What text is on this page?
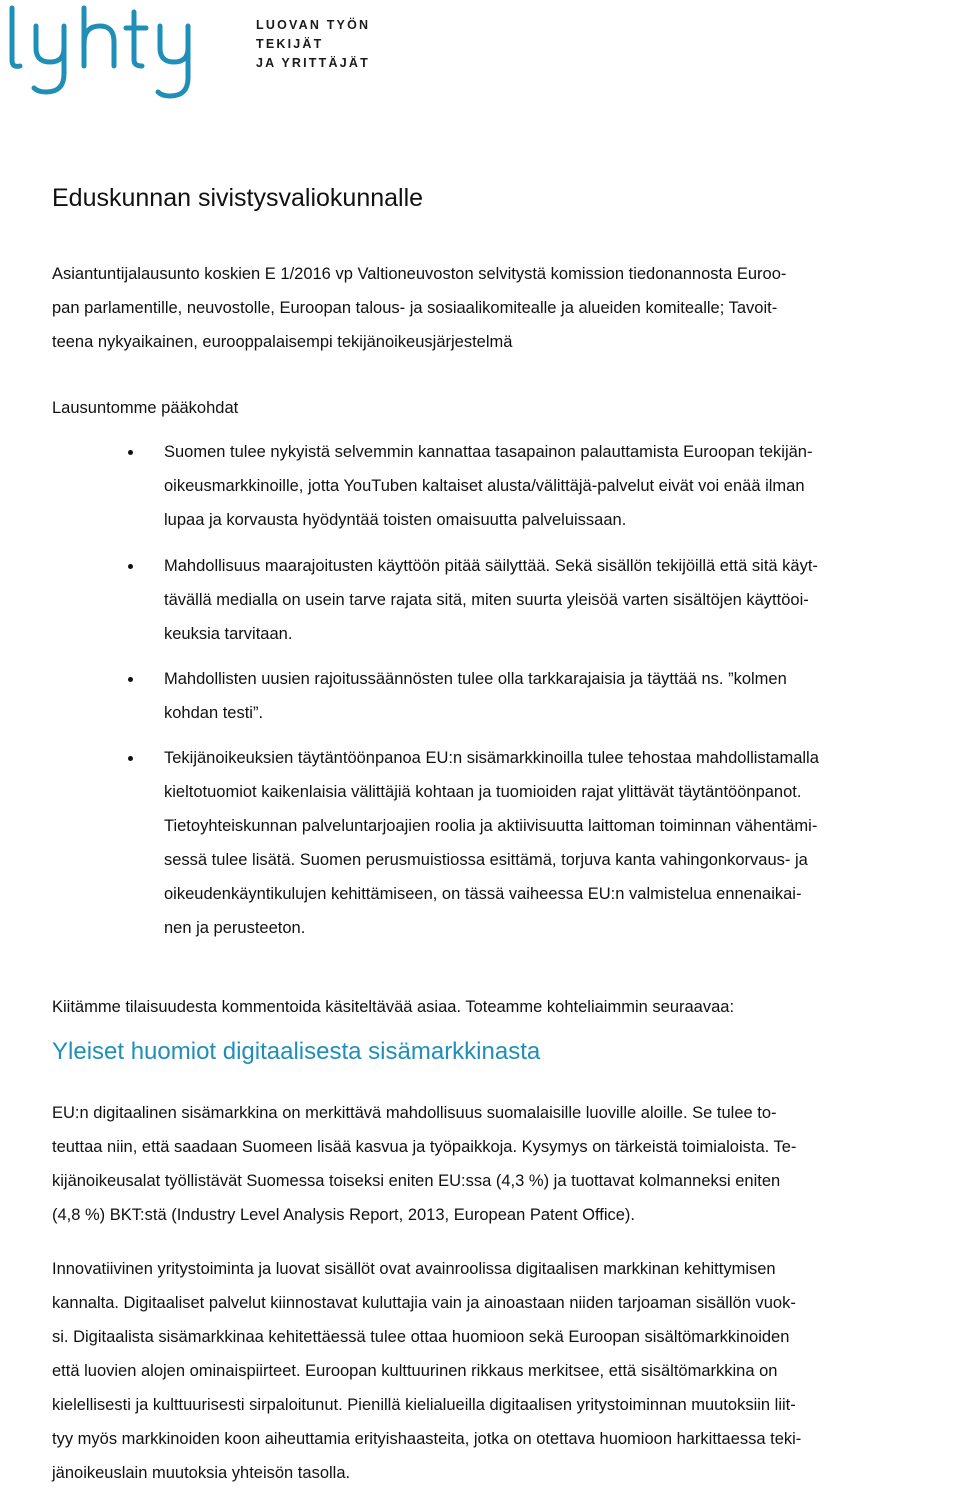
LUOVAN TYÖN
TEKIJÄT
JA YRITTÄJÄT
Eduskunnan sivistysvaliokunnalle
Asiantuntijalausunto koskien E 1/2016 vp Valtioneuvoston selvitystä komission tiedonannosta Euroo-
pan parlamentille, neuvostolle, Euroopan talous- ja sosiaalikomitealle ja alueiden komitealle; Tavoit-
teena nykyaikainen, eurooppalaisempi tekijänoikeusjärjestelmä
Lausuntomme pääkohdat
Suomen tulee nykyistä selvemmin kannattaa tasapainon palauttamista Euroopan tekijän-
oikeusmarkkinoille, jotta YouTuben kaltaiset alusta/välittäjä-palvelut eivät voi enää ilman
lupaa ja korvausta hyödyntää toisten omaisuutta palveluissaan.
Mahdollisuus maarajoitusten käyttöön pitää säilyttää. Sekä sisällön tekijöillä että sitä käyt-
tävällä medialla on usein tarve rajata sitä, miten suurta yleisöä varten sisältöjen käyttöoi-
keuksia tarvitaan.
Mahdollisten uusien rajoitussäännösten tulee olla tarkkarajaisia ja täyttää ns. ”kolmen
kohdan testi”.
Tekijänoikeuksien täytäntöönpanoa EU:n sisämarkkinoilla tulee tehostaa mahdollistamalla
kieltotuomiot kaikenlaisia välittäjiä kohtaan ja tuomioiden rajat ylittävät täytäntöönpanot.
Tietoyhteiskunnan palveluntarjoajien roolia ja aktiivisuutta laittoman toiminnan vähentämi-
sessä tulee lisätä. Suomen perusmuistiossa esittämä, torjuva kanta vahingonkorvaus- ja
oikeudenkäyntikulujen kehittämiseen, on tässä vaiheessa EU:n valmistelua ennenaikai-
nen ja perusteeton.
Kiitämme tilaisuudesta kommentoida käsiteltävää asiaa. Toteamme kohteliaimmin seuraavaa:
Yleiset huomiot digitaalisesta sisämarkkinasta
EU:n digitaalinen sisämarkkina on merkittävä mahdollisuus suomalaisille luoville aloille. Se tulee to-
teuttaa niin, että saadaan Suomeen lisää kasvua ja työpaikkoja. Kysymys on tärkeistä toimialoista. Te-
kijänoikeusalat työllistävät Suomessa toiseksi eniten EU:ssa (4,3 %) ja tuottavat kolmanneksi eniten
(4,8 %) BKT:stä (Industry Level Analysis Report, 2013, European Patent Office).
Innovatiivinen yritystoiminta ja luovat sisällöt ovat avainroolissa digitaalisen markkinan kehittymisen
kannalta. Digitaaliset palvelut kiinnostavat kuluttajia vain ja ainoastaan niiden tarjoaman sisällön vuok-
si. Digitaalista sisämarkkinaa kehitettäessä tulee ottaa huomioon sekä Euroopan sisältömarkkinoiden
että luovien alojen ominaispiirteet. Euroopan kulttuurinen rikkaus merkitsee, että sisältömarkkina on
kielellisesti ja kulttuurisesti sirpaloitunut. Pienillä kielialueilla digitaalisen yritystoiminnan muutoksiin liit-
tyy myös markkinoiden koon aiheuttamia erityishaasteita, jotka on otettava huomioon harkittaessa teki-
jänoikeuslain muutoksia yhteisön tasolla.
